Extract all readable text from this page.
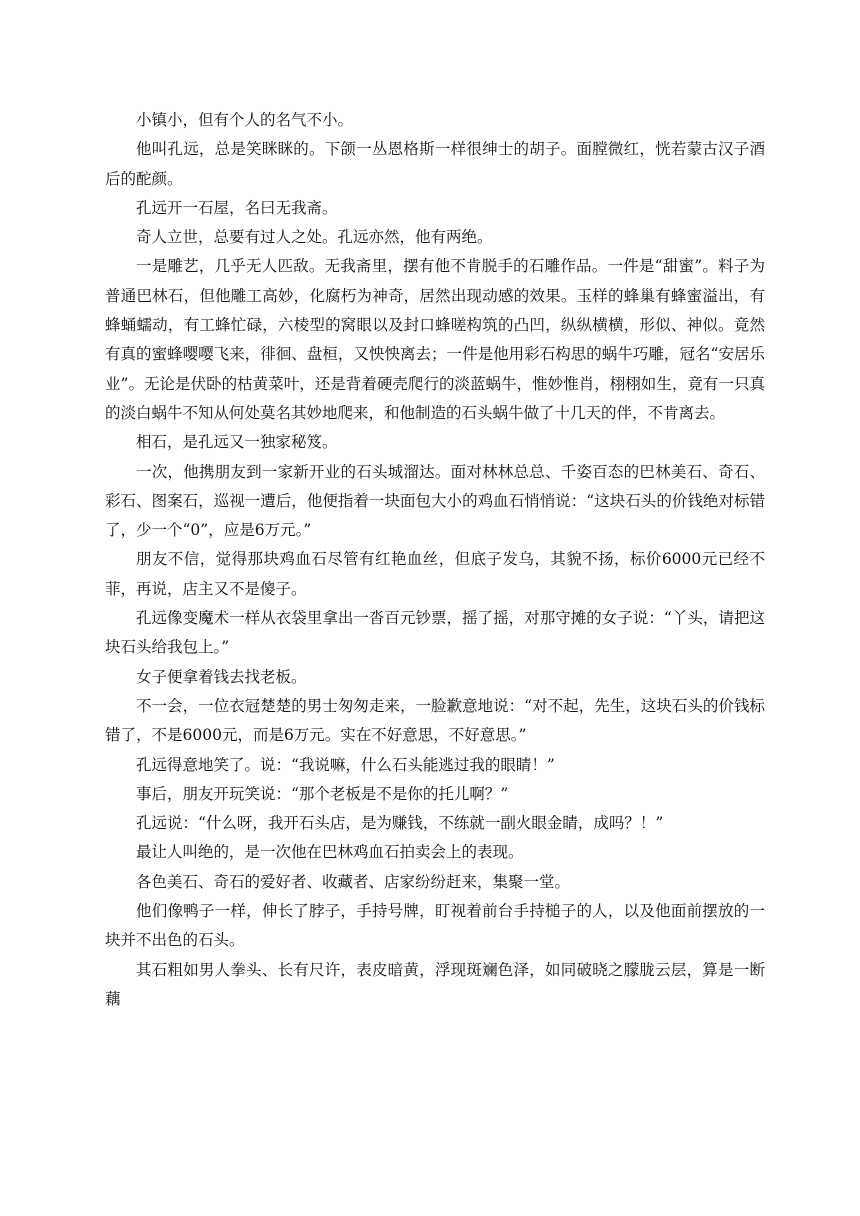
小镇小，但有个人的名气不小。

他叫孔远，总是笑眯眯的。下颌一丛恩格斯一样很绅士的胡子。面膛微红，恍若蒙古汉子酒后的酡颜。

孔远开一石屋，名曰无我斋。

奇人立世，总要有过人之处。孔远亦然，他有两绝。

一是雕艺，几乎无人匹敌。无我斋里，摆有他不肯脱手的石雕作品。一件是“甜蜜”。料子为普通巴林石，但他雕工高妙，化腐朽为神奇，居然出现动感的效果。玉样的蜂巢有蜂蜜溢出，有蜂蛹蠕动，有工蜂忙碌，六棱型的窝眼以及封口蜂嗟构筑的凸凹，纵纵横横，形似、神似。竟然有真的蜜蜂嘤嘤飞来，徘徊、盘桓，又怏怏离去；一件是他用彩石构思的蜗牛巧雕，冠名“安居乐业”。无论是伏卧的枯黄菜叶，还是背着硬壳爬行的淡蓝蜗牛，惟妙惟肖，栩栩如生，竟有一只真的淡白蜗牛不知从何处莫名其妙地爬来，和他制造的石头蜗牛做了十几天的伴，不肯离去。

相石，是孔远又一独家秘笈。

一次，他携朋友到一家新开业的石头城溜达。面对林林总总、千姿百态的巴林美石、奇石、彩石、图案石，巡视一遭后，他便指着一块面包大小的鸡血石悄悄说：“这块石头的价钱绝对标错了，少一个“0”，应是6万元。”

朋友不信，觉得那块鸡血石尽管有红艳血丝，但底子发乌，其貌不扬，标价6000元已经不菲，再说，店主又不是傻子。

孔远像变魔术一样从衣袋里拿出一沓百元钞票，摇了摇，对那守摊的女子说：“丫头，请把这块石头给我包上。”

女子便拿着钱去找老板。

不一会，一位衣冠楚楚的男士匆匆走来，一脸歉意地说：“对不起，先生，这块石头的价钱标错了，不是6000元，而是6万元。实在不好意思，不好意思。”

孔远得意地笑了。说：“我说嘛，什么石头能逃过我的眼睛！”

事后，朋友开玩笑说：“那个老板是不是你的托儿啊？”

孔远说：“什么呀，我开石头店，是为赚钱，不练就一副火眼金睛，成吗？！”

最让人叫绝的，是一次他在巴林鸡血石拍卖会上的表现。

各色美石、奇石的爱好者、收藏者、店家纷纷赶来，集聚一堂。

他们像鸭子一样，伸长了脖子，手持号牌，盯视着前台手持槌子的人，以及他面前摆放的一块并不出色的石头。

其石粗如男人拳头、长有尺许，表皮暗黄，浮现斑斓色泽，如同破晓之朦胧云层，算是一断藕
